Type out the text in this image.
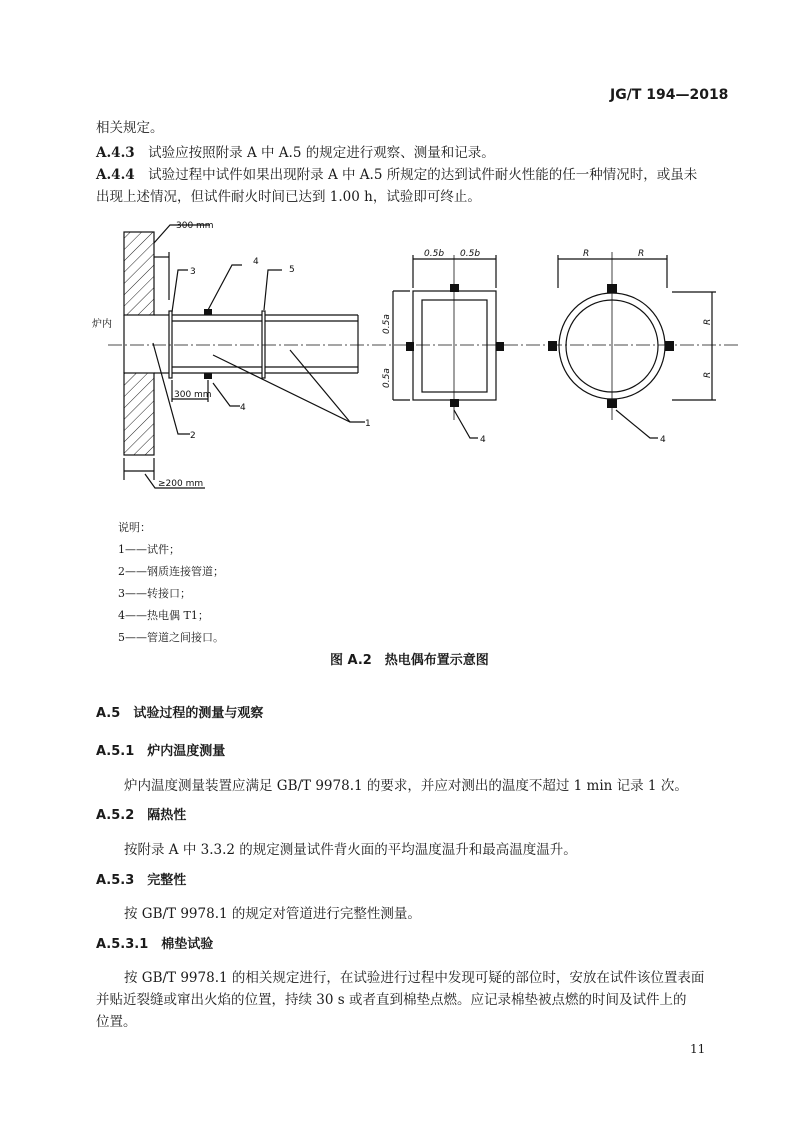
JG/T 194—2018
相关规定。
A.4.3　 试验应按照附录 A 中 A.5 的规定进行观察、测量和记录。
A.4.4　 试验过程中试件如果出现附录 A 中 A.5 所规定的达到试件耐火性能的任一种情况时，或虽未
出现上述情况，但试件耐火时间已达到 1.00 h，试验即可终止。
300 mm
300 mm
≥200 mm
炉内
1
2
3
4
4
5
0.5b 0.5b
0.5a
0.5a
4
R	R
R
R
4
说明：
1——试件；
2——钢质连接管道；
3——转接口；
4——热电偶 T1；
5——管道之间接口。
图 A.2　热电偶布置示意图
A.5　 试验过程的测量与观察
A.5.1　 炉内温度测量
炉内温度测量装置应满足 GB/T 9978.1 的要求，并应对测出的温度不超过 1 min 记录 1 次。
A.5.2　 隔热性
按附录 A 中 3.3.2 的规定测量试件背火面的平均温度温升和最高温度温升。
A.5.3　 完整性
按 GB/T 9978.1 的规定对管道进行完整性测量。
A.5.3.1　 棉垫试验
按 GB/T 9978.1 的相关规定进行，在试验进行过程中发现可疑的部位时，安放在试件该位置表面
并贴近裂缝或窜出火焰的位置，持续 30 s 或者直到棉垫点燃。应记录棉垫被点燃的时间及试件上的
位置。
11
